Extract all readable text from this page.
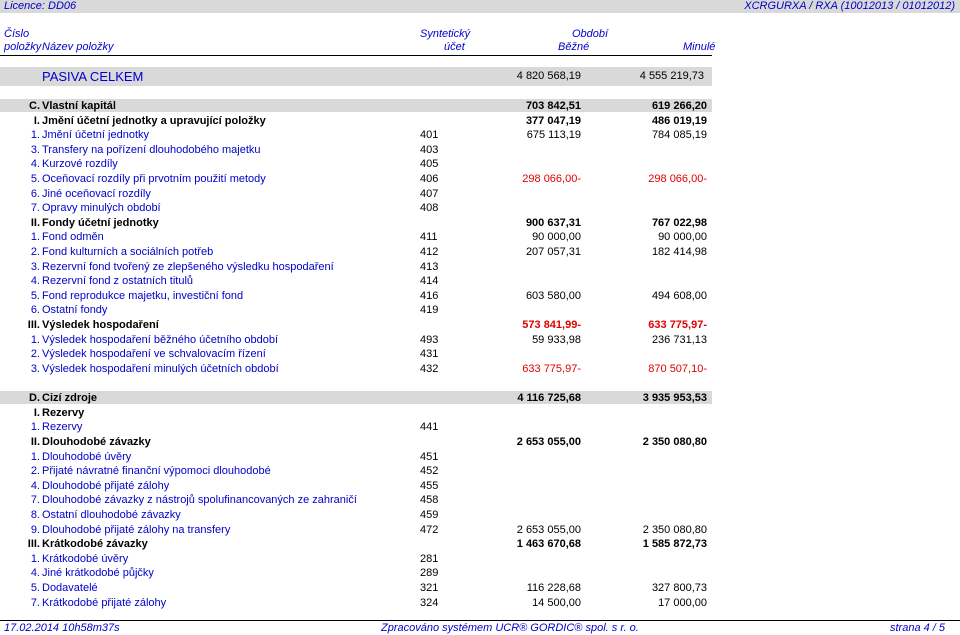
Licence: DD06	XCRGURXA / RXA (10012013 / 01012012)
Číslo
položky Název položky
Syntetický
účet
Období
Běžné	Minulé
PASIVA CELKEM	4 820 568,19	4 555 219,73
C. Vlastní kapitál	703 842,51	619 266,20
I. Jmění účetní jednotky a upravující položky	377 047,19	486 019,19
1. Jmění účetní jednotky	401	675 113,19	784 085,19
3. Transfery na pořízení dlouhodobého majetku	403
4. Kurzové rozdíly	405
5. Oceňovací rozdíly při prvotním použití metody	406	298 066,00-	298 066,00-
6. Jiné oceňovací rozdíly	407
7. Opravy minulých období	408
II. Fondy účetní jednotky	900 637,31	767 022,98
1. Fond odměn	411	90 000,00	90 000,00
2. Fond kulturních a sociálních potřeb	412	207 057,31	182 414,98
3. Rezervní fond tvořený ze zlepšeného výsledku hospodaření	413
4. Rezervní fond z ostatních titulů	414
5. Fond reprodukce majetku, investiční fond	416	603 580,00	494 608,00
6. Ostatní fondy	419
III. Výsledek hospodaření	573 841,99-	633 775,97-
1. Výsledek hospodaření běžného účetního období	493	59 933,98	236 731,13
2. Výsledek hospodaření ve schvalovacím řízení	431
3. Výsledek hospodaření minulých účetních období	432	633 775,97-	870 507,10-
D. Cizí zdroje	4 116 725,68	3 935 953,53
I. Rezervy
1. Rezervy	441
II. Dlouhodobé závazky	2 653 055,00	2 350 080,80
1. Dlouhodobé úvěry	451
2. Přijaté návratné finanční výpomoci dlouhodobé	452
4. Dlouhodobé přijaté zálohy	455
7. Dlouhodobé závazky z nástrojů spolufinancovaných ze zahraničí	458
8. Ostatní dlouhodobé závazky	459
9. Dlouhodobé přijaté zálohy na transfery	472	2 653 055,00	2 350 080,80
III. Krátkodobé závazky	1 463 670,68	1 585 872,73
1. Krátkodobé úvěry	281
4. Jiné krátkodobé půjčky	289
5. Dodavatelé	321	116 228,68	327 800,73
7. Krátkodobé přijaté zálohy	324	14 500,00	17 000,00
17.02.2014 10h58m37s	Zpracováno systémem UCR® GORDIC® spol. s r. o.	strana 4 / 5
